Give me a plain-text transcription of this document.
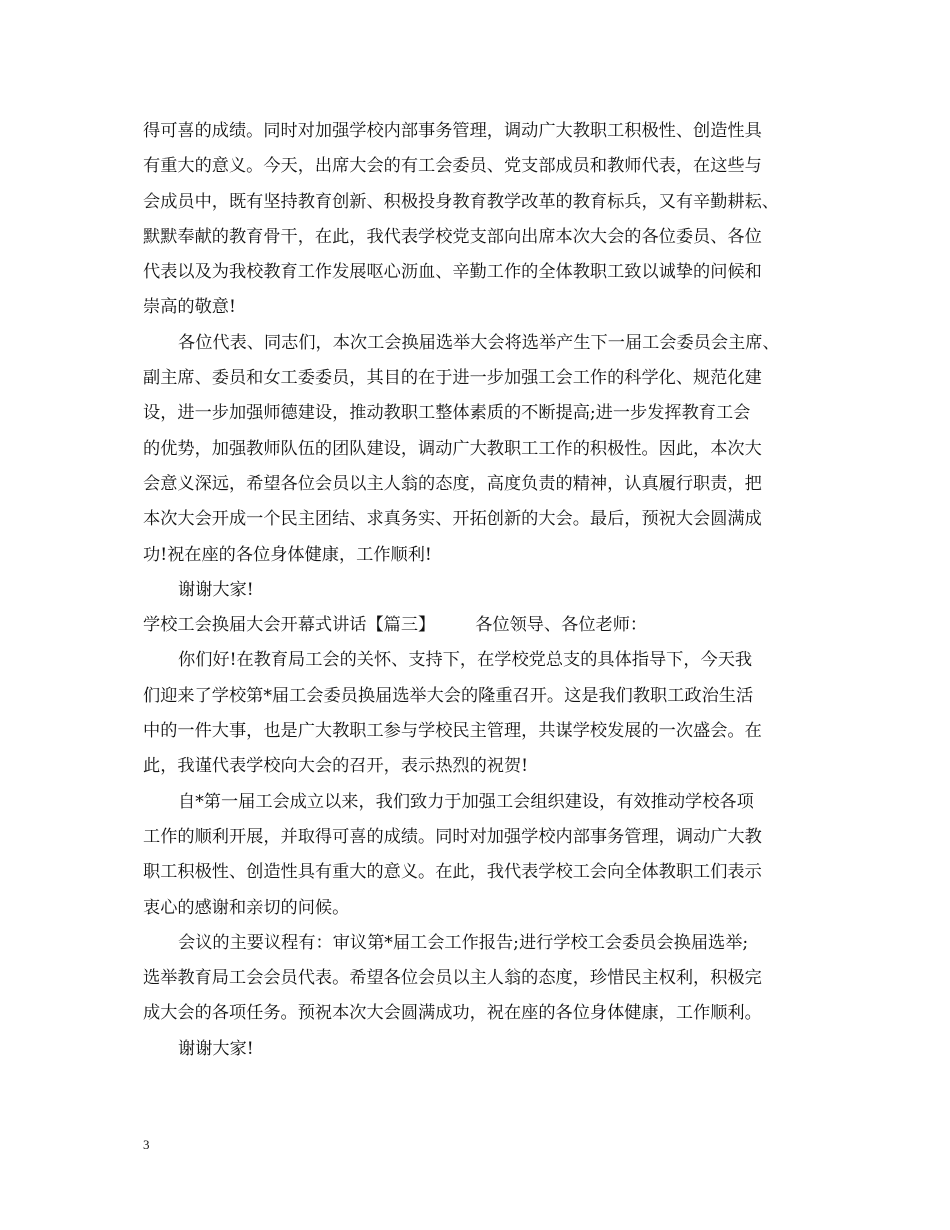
得可喜的成绩。同时对加强学校内部事务管理，调动广大教职工积极性、创造性具
有重大的意义。今天，出席大会的有工会委员、党支部成员和教师代表，在这些与
会成员中，既有坚持教育创新、积极投身教育教学改革的教育标兵，又有辛勤耕耘、
默默奉献的教育骨干，在此，我代表学校党支部向出席本次大会的各位委员、各位
代表以及为我校教育工作发展呕心沥血、辛勤工作的全体教职工致以诚挚的问候和
崇高的敬意!
各位代表、同志们，本次工会换届选举大会将选举产生下一届工会委员会主席、
副主席、委员和女工委委员，其目的在于进一步加强工会工作的科学化、规范化建
设，进一步加强师德建设，推动教职工整体素质的不断提高;进一步发挥教育工会
的优势，加强教师队伍的团队建设，调动广大教职工工作的积极性。因此，本次大
会意义深远，希望各位会员以主人翁的态度，高度负责的精神，认真履行职责，把
本次大会开成一个民主团结、求真务实、开拓创新的大会。最后，预祝大会圆满成
功!祝在座的各位身体健康，工作顺利!
谢谢大家!
学校工会换届大会开幕式讲话【篇三】 各位领导、各位老师：
你们好!在教育局工会的关怀、支持下，在学校党总支的具体指导下，今天我
们迎来了学校第*届工会委员换届选举大会的隆重召开。这是我们教职工政治生活
中的一件大事，也是广大教职工参与学校民主管理，共谋学校发展的一次盛会。在
此，我谨代表学校向大会的召开，表示热烈的祝贺!
自*第一届工会成立以来，我们致力于加强工会组织建设，有效推动学校各项
工作的顺利开展，并取得可喜的成绩。同时对加强学校内部事务管理，调动广大教
职工积极性、创造性具有重大的意义。在此，我代表学校工会向全体教职工们表示
衷心的感谢和亲切的问候。
会议的主要议程有：审议第*届工会工作报告;进行学校工会委员会换届选举;
选举教育局工会会员代表。希望各位会员以主人翁的态度，珍惜民主权利，积极完
成大会的各项任务。预祝本次大会圆满成功，祝在座的各位身体健康，工作顺利。
谢谢大家!
3
